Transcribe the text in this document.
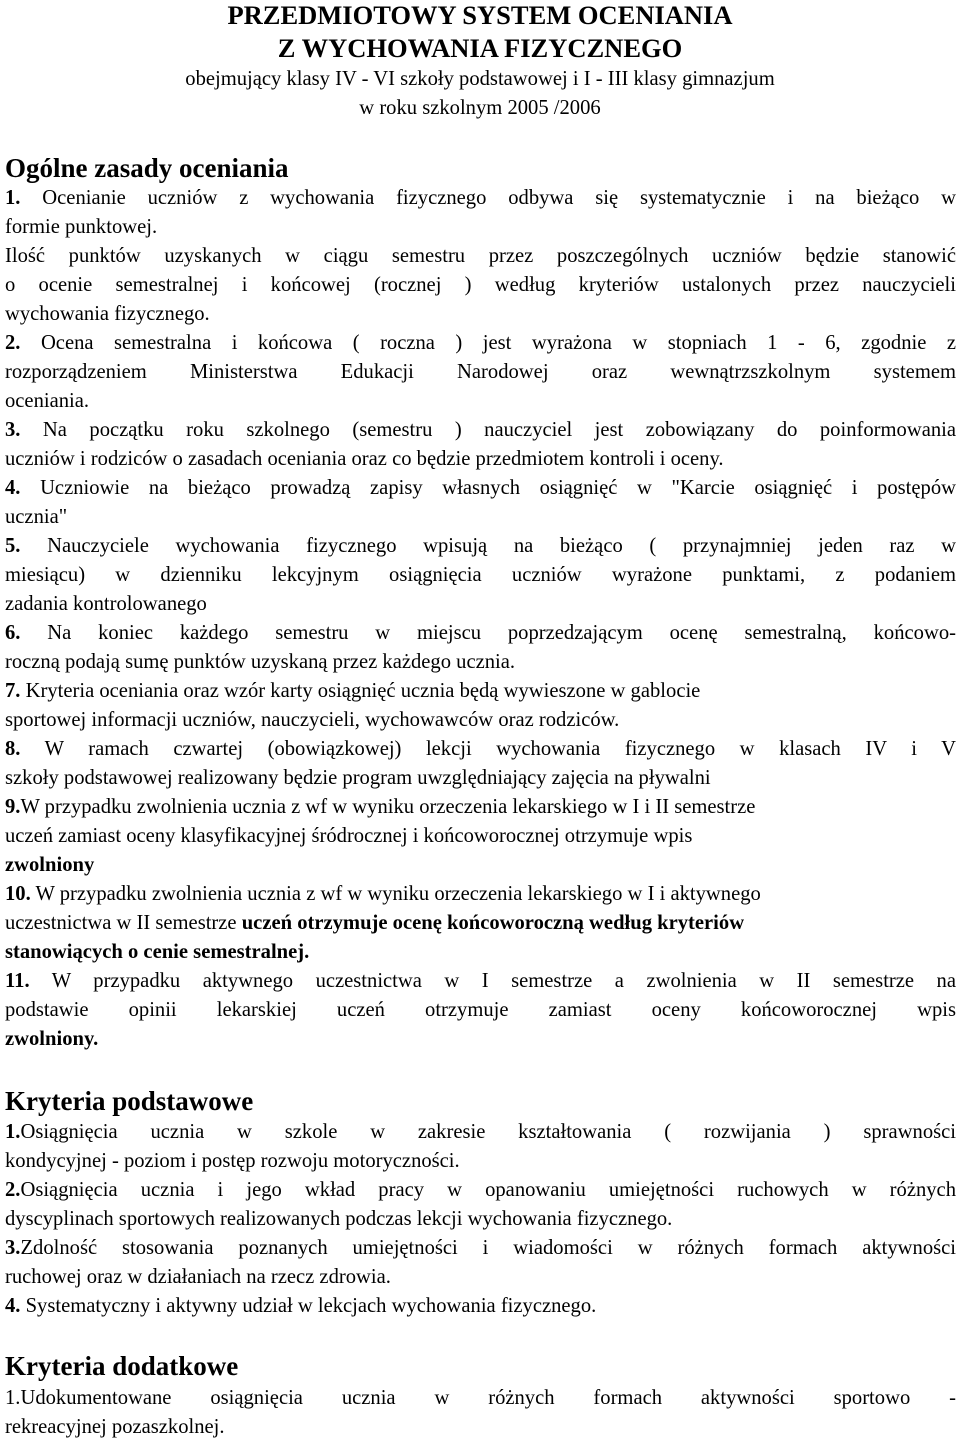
PRZEDMIOTOWY SYSTEM OCENIANIA
Z WYCHOWANIA FIZYCZNEGO
obejmujący klasy IV - VI szkoły podstawowej i I - III klasy gimnazjum
w roku szkolnym 2005 /2006
Ogólne zasady oceniania
1. Ocenianie uczniów z wychowania fizycznego odbywa się systematycznie i na bieżąco w
formie punktowej.
Ilość punktów uzyskanych w ciągu semestru przez poszczególnych uczniów będzie stanowić
o ocenie semestralnej i końcowej (rocznej ) według kryteriów ustalonych przez nauczycieli
wychowania fizycznego.
2. Ocena semestralna i końcowa ( roczna ) jest wyrażona w stopniach 1 - 6, zgodnie z
rozporządzeniem Ministerstwa Edukacji Narodowej oraz wewnątrzszkolnym systemem
oceniania.
3. Na początku roku szkolnego (semestru ) nauczyciel jest zobowiązany do poinformowania
uczniów i rodziców o zasadach oceniania oraz co będzie przedmiotem kontroli i oceny.
4. Uczniowie na bieżąco prowadzą zapisy własnych osiągnięć w "Karcie osiągnięć i postępów
ucznia"
5. Nauczyciele wychowania fizycznego wpisują na bieżąco ( przynajmniej jeden raz w
miesiącu) w dzienniku lekcyjnym osiągnięcia uczniów wyrażone punktami, z podaniem
zadania kontrolowanego
6. Na koniec każdego semestru w miejscu poprzedzającym ocenę semestralną, końcowo-
roczną podają sumę punktów uzyskaną przez każdego ucznia.
7. Kryteria oceniania oraz wzór karty osiągnięć ucznia będą wywieszone w gablocie
sportowej informacji uczniów, nauczycieli, wychowawców oraz rodziców.
8. W ramach czwartej (obowiązkowej) lekcji wychowania fizycznego w klasach IV i V
szkoły podstawowej realizowany będzie program uwzględniający zajęcia na pływalni
9.W przypadku zwolnienia ucznia z wf w wyniku orzeczenia lekarskiego w I i II semestrze
uczeń zamiast oceny klasyfikacyjnej śródrocznej i końcoworocznej otrzymuje wpis
zwolniony
10. W przypadku zwolnienia ucznia z wf w wyniku orzeczenia lekarskiego w I i aktywnego
uczestnictwa w II semestrze uczeń otrzymuje ocenę końcoworoczną według kryteriów
stanowiących o cenie semestralnej.
11. W przypadku aktywnego uczestnictwa w I semestrze a zwolnienia w II semestrze na
podstawie opinii lekarskiej uczeń otrzymuje zamiast oceny końcoworocznej wpis
zwolniony.
Kryteria podstawowe
1.Osiągnięcia ucznia w szkole w zakresie kształtowania ( rozwijania ) sprawności
kondycyjnej - poziom i postęp rozwoju motoryczności.
2.Osiągnięcia ucznia i jego wkład pracy w opanowaniu umiejętności ruchowych w różnych
dyscyplinach sportowych realizowanych podczas lekcji wychowania fizycznego.
3.Zdolność stosowania poznanych umiejętności i wiadomości w różnych formach aktywności
ruchowej oraz w działaniach na rzecz zdrowia.
4. Systematyczny i aktywny udział w lekcjach wychowania fizycznego.
Kryteria dodatkowe
1.Udokumentowane osiągnięcia ucznia w różnych formach aktywności sportowo -
rekreacyjnej pozaszkolnej.
